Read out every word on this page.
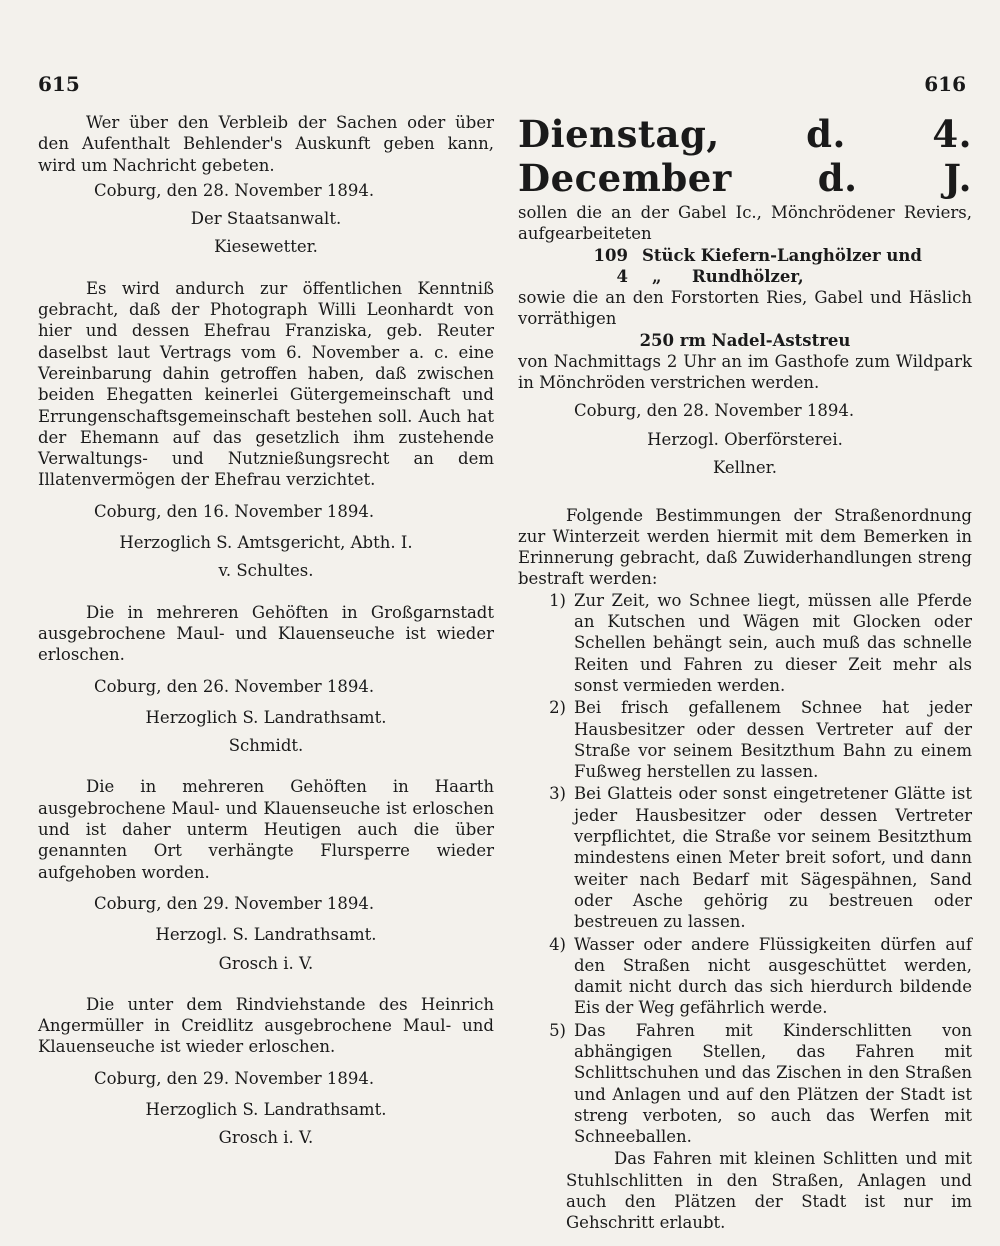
615	616

Wer über den Verbleib der Sachen oder über den Aufenthalt Behlender's Auskunft geben kann, wird um Nachricht gebeten.

Coburg, den 28. November 1894.

Der Staatsanwalt.

Kiesewetter.

Es wird andurch zur öffentlichen Kenntniß gebracht, daß der Photograph Willi Leonhardt von hier und dessen Ehefrau Franziska, geb. Reuter daselbst laut Vertrags vom 6. November a. c. eine Vereinbarung dahin getroffen haben, daß zwischen beiden Ehegatten keinerlei Gütergemeinschaft und Errungenschaftsgemeinschaft bestehen soll. Auch hat der Ehemann auf das gesetzlich ihm zustehende Verwaltungs- und Nutznießungsrecht an dem Illatenvermögen der Ehefrau verzichtet.

Coburg, den 16. November 1894.

Herzoglich S. Amtsgericht, Abth. I.

v. Schultes.

Die in mehreren Gehöften in Großgarnstadt ausgebrochene Maul- und Klauenseuche ist wieder erloschen.

Coburg, den 26. November 1894.

Herzoglich S. Landrathsamt.

Schmidt.

Die in mehreren Gehöften in Haarth ausgebrochene Maul- und Klauenseuche ist erloschen und ist daher unterm Heutigen auch die über genannten Ort verhängte Flursperre wieder aufgehoben worden.

Coburg, den 29. November 1894.

Herzogl. S. Landrathsamt.

Grosch i. V.

Die unter dem Rindviehstande des Heinrich Angermüller in Creidlitz ausgebrochene Maul- und Klauenseuche ist wieder erloschen.

Coburg, den 29. November 1894.

Herzoglich S. Landrathsamt.

Grosch i. V.

Dienstag, d. 4. December d. J.

sollen die an der Gabel Ic., Mönchrödener Reviers, aufgearbeiteten

109 Stück Kiefern-Langhölzer und
4	„	Rundhölzer,

sowie die an den Forstorten Ries, Gabel und Häslich vorräthigen

250 rm Nadel-Aststreu

von Nachmittags 2 Uhr an im Gasthofe zum Wildpark in Mönchröden verstrichen werden.

Coburg, den 28. November 1894.

Herzogl. Oberförsterei.

Kellner.

Folgende Bestimmungen der Straßenordnung zur Winterzeit werden hiermit mit dem Bemerken in Erinnerung gebracht, daß Zuwiderhandlungen streng bestraft werden:

1) Zur Zeit, wo Schnee liegt, müssen alle Pferde an Kutschen und Wägen mit Glocken oder Schellen behängt sein, auch muß das schnelle Reiten und Fahren zu dieser Zeit mehr als sonst vermieden werden.
2) Bei frisch gefallenem Schnee hat jeder Hausbesitzer oder dessen Vertreter auf der Straße vor seinem Besitzthum Bahn zu einem Fußweg herstellen zu lassen.
3) Bei Glatteis oder sonst eingetretener Glätte ist jeder Hausbesitzer oder dessen Vertreter verpflichtet, die Straße vor seinem Besitzthum mindestens einen Meter breit sofort, und dann weiter nach Bedarf mit Sägespähnen, Sand oder Asche gehörig zu bestreuen oder bestreuen zu lassen.
4) Wasser oder andere Flüssigkeiten dürfen auf den Straßen nicht ausgeschüttet werden, damit nicht durch das sich hierdurch bildende Eis der Weg gefährlich werde.
5) Das Fahren mit Kinderschlitten von abhängigen Stellen, das Fahren mit Schlittschuhen und das Zischen in den Straßen und Anlagen und auf den Plätzen der Stadt ist streng verboten, so auch das Werfen mit Schneeballen.

Das Fahren mit kleinen Schlitten und mit Stuhlschlitten in den Straßen, Anlagen und auch den Plätzen der Stadt ist nur im Gehschritt erlaubt.
